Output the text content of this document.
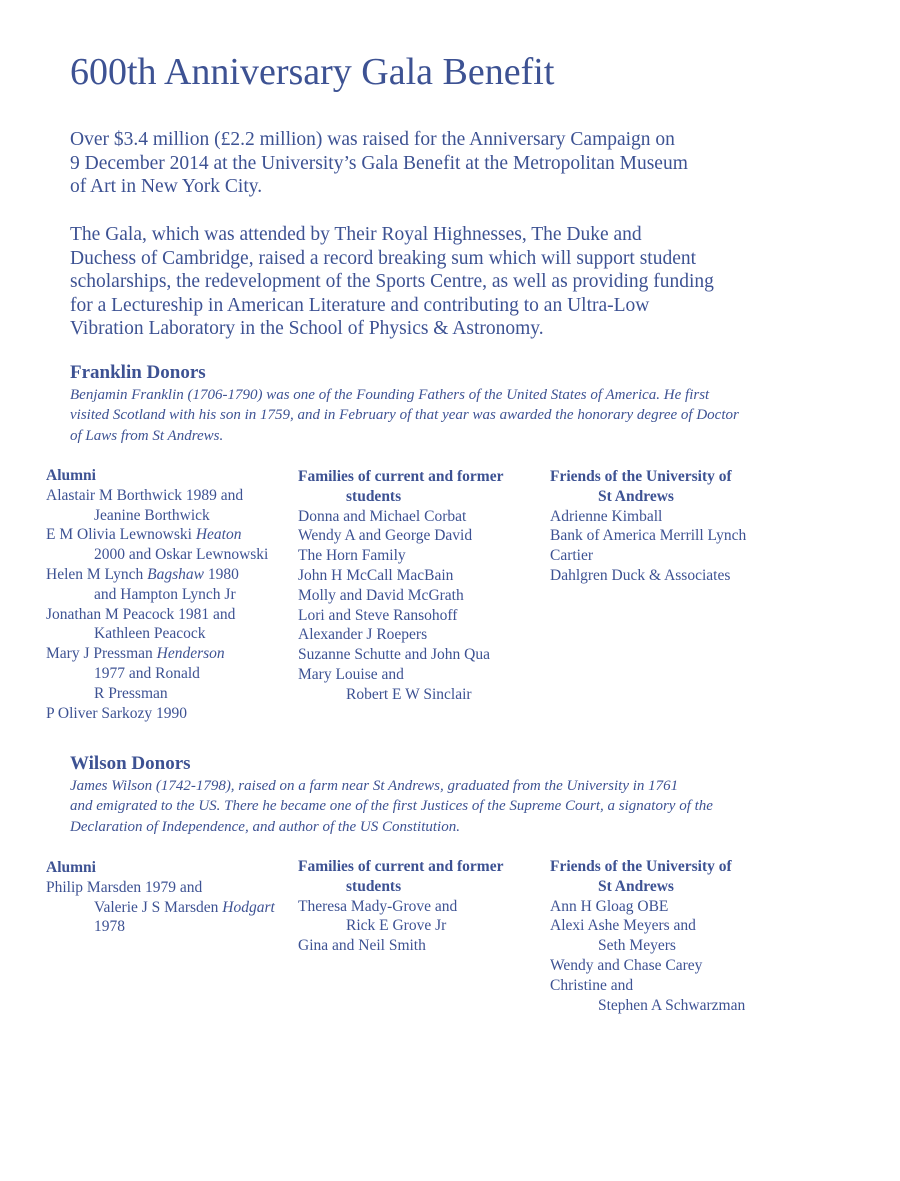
600th Anniversary Gala Benefit
Over $3.4 million (£2.2 million) was raised for the Anniversary Campaign on
9 December 2014 at the University’s Gala Benefit at the Metropolitan Museum
of Art in New York City.
The Gala, which was attended by Their Royal Highnesses, The Duke and
Duchess of Cambridge, raised a record breaking sum which will support student
scholarships, the redevelopment of the Sports Centre, as well as providing funding
for a Lectureship in American Literature and contributing to an Ultra-Low
Vibration Laboratory in the School of Physics & Astronomy.
Franklin Donors
Benjamin Franklin (1706-1790) was one of the Founding Fathers of the United States of America. He first
visited Scotland with his son in 1759, and in February of that year was awarded the honorary degree of Doctor
of Laws from St Andrews.
Alumni
Alastair M Borthwick 1989 and
Jeanine Borthwick
E M Olivia Lewnowski Heaton
2000 and Oskar Lewnowski
Helen M Lynch Bagshaw 1980
and Hampton Lynch Jr
Jonathan M Peacock 1981 and
Kathleen Peacock
Mary J Pressman Henderson
1977 and Ronald
R Pressman
P Oliver Sarkozy 1990
Families of current and former
students
Donna and Michael Corbat
Wendy A and George David
The Horn Family
John H McCall MacBain
Molly and David McGrath
Lori and Steve Ransohoff
Alexander J Roepers
Suzanne Schutte and John Qua
Mary Louise and
Robert E W Sinclair
Friends of the University of
St Andrews
Adrienne Kimball
Bank of America Merrill Lynch
Cartier
Dahlgren Duck & Associates
Wilson Donors
James Wilson (1742-1798), raised on a farm near St Andrews, graduated from the University in 1761
and emigrated to the US. There he became one of the first Justices of the Supreme Court, a signatory of the
Declaration of Independence, and author of the US Constitution.
Alumni
Philip Marsden 1979 and
Valerie J S Marsden Hodgart
1978
Families of current and former
students
Theresa Mady-Grove and
Rick E Grove Jr
Gina and Neil Smith
Friends of the University of
St Andrews
Ann H Gloag OBE
Alexi Ashe Meyers and
Seth Meyers
Wendy and Chase Carey
Christine and
Stephen A Schwarzman
